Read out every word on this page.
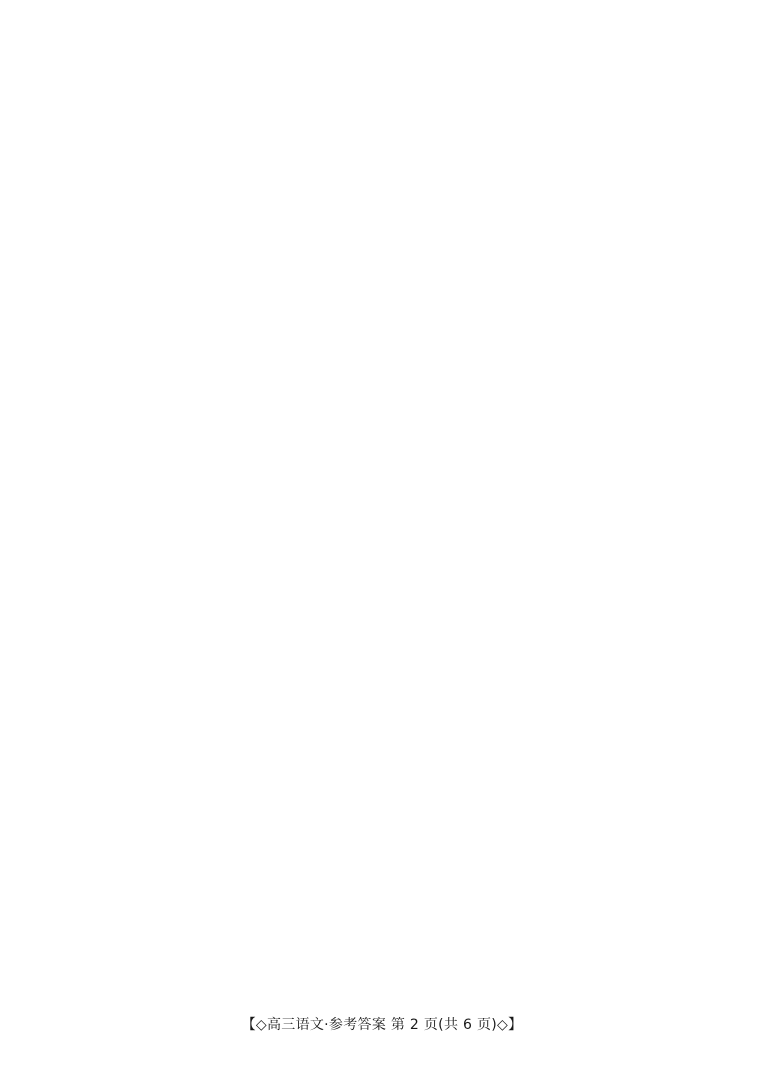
【◇高三语文·参考答案 第 2 页(共 6 页)◇】
